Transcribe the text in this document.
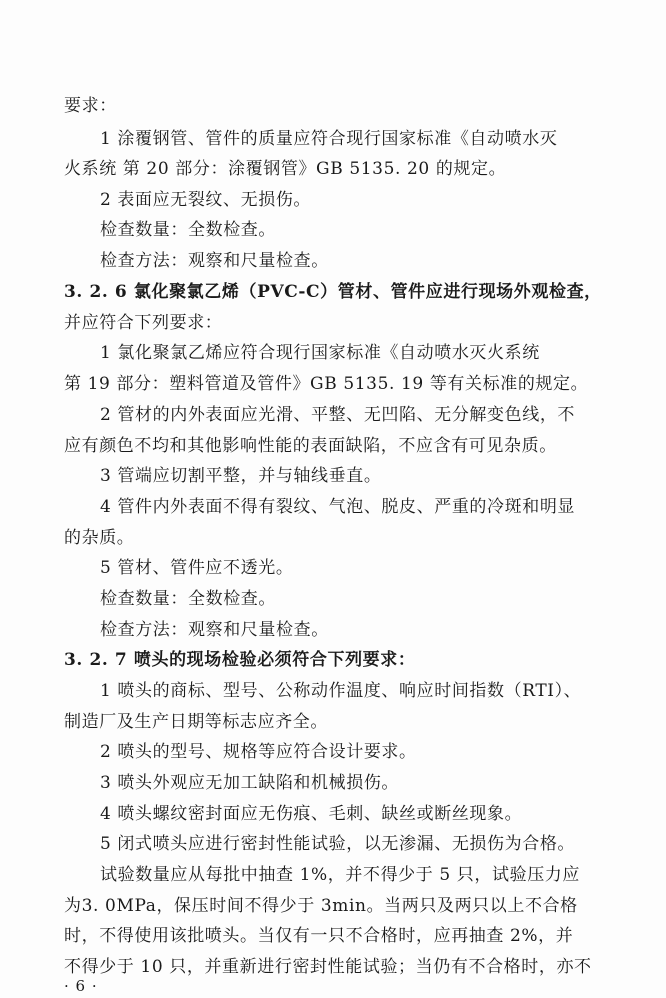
要求：
1 涂覆钢管、管件的质量应符合现行国家标准《自动喷水灭
火系统 第 20 部分：涂覆钢管》GB 5135. 20 的规定。
2 表面应无裂纹、无损伤。
检查数量：全数检查。
检查方法：观察和尺量检查。
3. 2. 6 氯化聚氯乙烯（PVC-C）管材、管件应进行现场外观检查，
并应符合下列要求：
1 氯化聚氯乙烯应符合现行国家标准《自动喷水灭火系统
第 19 部分：塑料管道及管件》GB 5135. 19 等有关标准的规定。
2 管材的内外表面应光滑、平整、无凹陷、无分解变色线，不
应有颜色不均和其他影响性能的表面缺陷，不应含有可见杂质。
3 管端应切割平整，并与轴线垂直。
4 管件内外表面不得有裂纹、气泡、脱皮、严重的冷斑和明显
的杂质。
5 管材、管件应不透光。
检查数量：全数检查。
检查方法：观察和尺量检查。
3. 2. 7 喷头的现场检验必须符合下列要求：
1 喷头的商标、型号、公称动作温度、响应时间指数（RTI）、
制造厂及生产日期等标志应齐全。
2 喷头的型号、规格等应符合设计要求。
3 喷头外观应无加工缺陷和机械损伤。
4 喷头螺纹密封面应无伤痕、毛刺、缺丝或断丝现象。
5 闭式喷头应进行密封性能试验，以无渗漏、无损伤为合格。
试验数量应从每批中抽查 1%，并不得少于 5 只，试验压力应
为3. 0MPa，保压时间不得少于 3min。当两只及两只以上不合格
时，不得使用该批喷头。当仅有一只不合格时，应再抽查 2%，并
不得少于 10 只，并重新进行密封性能试验；当仍有不合格时，亦不
· 6 ·
